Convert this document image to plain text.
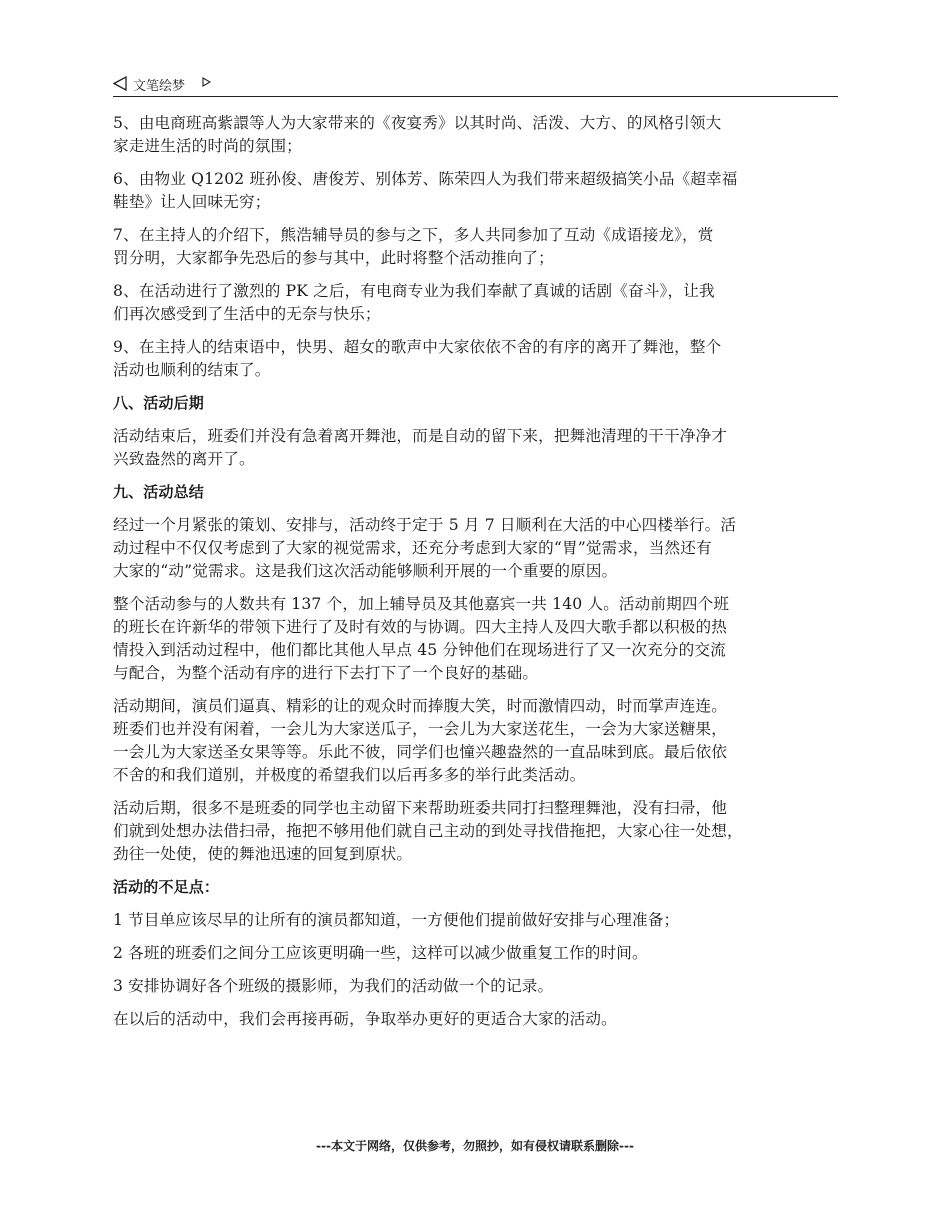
文笔绘梦

5、由电商班高紫譞等人为大家带来的《夜宴秀》以其时尚、活泼、大方、的风格引领大
家走进生活的时尚的氛围；

6、由物业 Q1202 班孙俊、唐俊芳、别体芳、陈荣四人为我们带来超级搞笑小品《超幸福
鞋垫》让人回味无穷；

7、在主持人的介绍下，熊浩辅导员的参与之下，多人共同参加了互动《成语接龙》，赏
罚分明，大家都争先恐后的参与其中，此时将整个活动推向了；

8、在活动进行了激烈的 PK 之后，有电商专业为我们奉献了真诚的话剧《奋斗》，让我
们再次感受到了生活中的无奈与快乐；

9、在主持人的结束语中，快男、超女的歌声中大家依依不舍的有序的离开了舞池，整个
活动也顺利的结束了。

八、活动后期

活动结束后，班委们并没有急着离开舞池，而是自动的留下来，把舞池清理的干干净净才
兴致盎然的离开了。

九、活动总结

经过一个月紧张的策划、安排与，活动终于定于 5 月 7 日顺利在大活的中心四楼举行。活
动过程中不仅仅考虑到了大家的视觉需求，还充分考虑到大家的“胃”觉需求，当然还有
大家的“动”觉需求。这是我们这次活动能够顺利开展的一个重要的原因。

整个活动参与的人数共有 137 个，加上辅导员及其他嘉宾一共 140 人。活动前期四个班
的班长在许新华的带领下进行了及时有效的与协调。四大主持人及四大歌手都以积极的热
情投入到活动过程中，他们都比其他人早点 45 分钟他们在现场进行了又一次充分的交流
与配合，为整个活动有序的进行下去打下了一个良好的基础。

活动期间，演员们逼真、精彩的让的观众时而捧腹大笑，时而激情四动，时而掌声连连。
班委们也并没有闲着，一会儿为大家送瓜子，一会儿为大家送花生，一会为大家送糖果，
一会儿为大家送圣女果等等。乐此不彼，同学们也憧兴趣盎然的一直品味到底。最后依依
不舍的和我们道别，并极度的希望我们以后再多多的举行此类活动。

活动后期，很多不是班委的同学也主动留下来帮助班委共同打扫整理舞池，没有扫帚，他
们就到处想办法借扫帚，拖把不够用他们就自己主动的到处寻找借拖把，大家心往一处想，
劲往一处使，使的舞池迅速的回复到原状。

活动的不足点：

1 节目单应该尽早的让所有的演员都知道，一方便他们提前做好安排与心理准备；

2 各班的班委们之间分工应该更明确一些，这样可以减少做重复工作的时间。

3 安排协调好各个班级的摄影师，为我们的活动做一个的记录。

在以后的活动中，我们会再接再砺，争取举办更好的更适合大家的活动。

---本文于网络，仅供参考，勿照抄，如有侵权请联系删除---
